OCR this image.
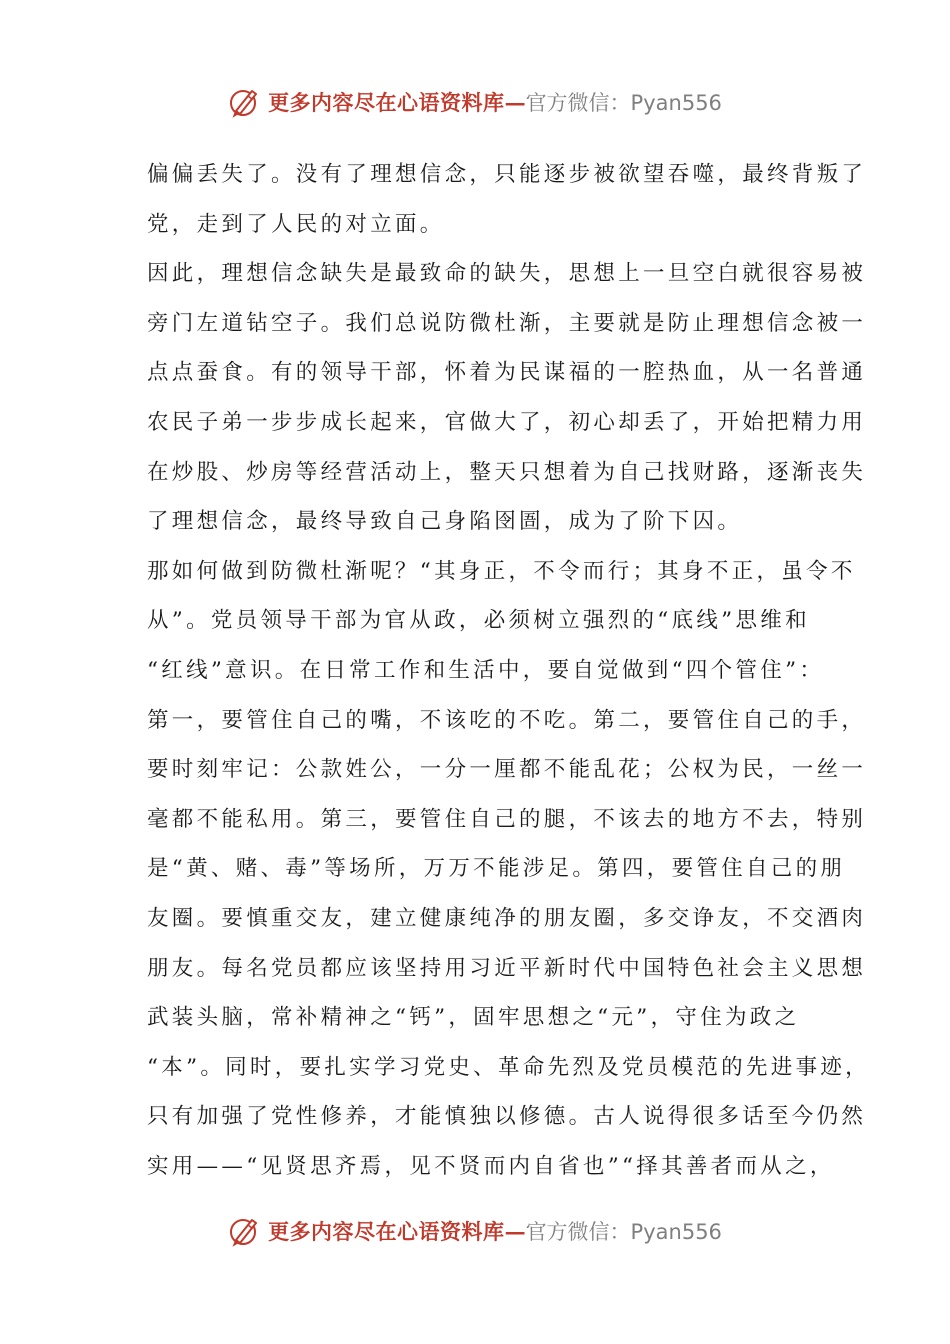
更多内容尽在心语资料库 — 官方微信：Pyan556
偏偏丢失了。没有了理想信念，只能逐步被欲望吞噬，最终背叛了
党，走到了人民的对立面。
因此，理想信念缺失是最致命的缺失，思想上一旦空白就很容易被
旁门左道钻空子。我们总说防微杜渐，主要就是防止理想信念被一
点点蚕食。有的领导干部，怀着为民谋福的一腔热血，从一名普通
农民子弟一步步成长起来，官做大了，初心却丢了，开始把精力用
在炒股、炒房等经营活动上，整天只想着为自己找财路，逐渐丧失
了理想信念，最终导致自己身陷囹圄，成为了阶下囚。
那如何做到防微杜渐呢？“其身正，不令而行；其身不正，虽令不
从”。党员领导干部为官从政，必须树立强烈的“底线”思维和
“红线”意识。在日常工作和生活中，要自觉做到“四个管住”：
第一，要管住自己的嘴，不该吃的不吃。第二，要管住自己的手，
要时刻牢记：公款姓公，一分一厘都不能乱花；公权为民，一丝一
毫都不能私用。第三，要管住自己的腿，不该去的地方不去，特别
是“黄、赌、毒”等场所，万万不能涉足。第四，要管住自己的朋
友圈。要慎重交友，建立健康纯净的朋友圈，多交诤友，不交酒肉
朋友。每名党员都应该坚持用习近平新时代中国特色社会主义思想
武装头脑，常补精神之“钙”，固牢思想之“元”，守住为政之
“本”。同时，要扎实学习党史、革命先烈及党员模范的先进事迹，
只有加强了党性修养，才能慎独以修德。古人说得很多话至今仍然
实用——“见贤思齐焉，见不贤而内自省也”“择其善者而从之，
更多内容尽在心语资料库 — 官方微信：Pyan556
